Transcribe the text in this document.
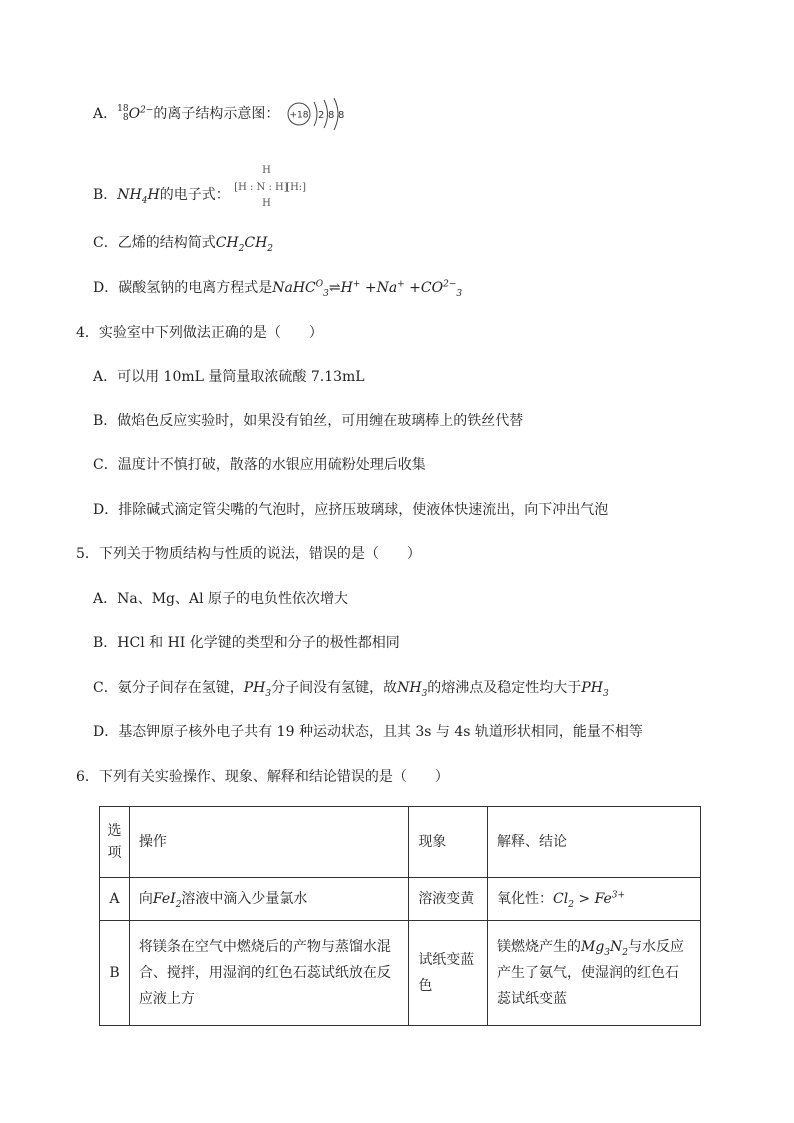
A．18
$8O^{2-}$的离子结构示意图： +18 2 8 8
B．$NH_4H$的电子式：
H
[H : N : H]
[H:]
H
C．乙烯的结构简式$CH_2CH_2$
D．碳酸氢钠的电离方程式是NaHC$^O_3$⇌H+ $+Na^+ +CO^{2-}_3$
4．实验室中下列做法正确的是（　　）
A．可以用 10mL 量筒量取浓硫酸 7.13mL
B．做焰色反应实验时，如果没有铂丝，可用缠在玻璃棒上的铁丝代替
C．温度计不慎打破，散落的水银应用硫粉处理后收集
D．排除碱式滴定管尖嘴的气泡时，应挤压玻璃球，使液体快速流出，向下冲出气泡
5．下列关于物质结构与性质的说法，错误的是（　　）
A．Na、Mg、Al 原子的电负性依次增大
B．HCl 和 HI 化学键的类型和分子的极性都相同
C．氨分子间存在氢键，$PH_3$分子间没有氢键，故$NH_3$的熔沸点及稳定性均大于$PH_3$
D．基态钾原子核外电子共有 19 种运动状态，且其 3s 与 4s 轨道形状相同，能量不相等
6．下列有关实验操作、现象、解释和结论错误的是（　　）
选项	操作	现象	解释、结论
A	向FeI$_2$溶液中滴入少量氯水	溶液变黄	氧化性：$Cl_2 > Fe^{3+}$
B	将镁条在空气中燃烧后的产物与蒸馏水混合、搅拌，用湿润的红色石蕊试纸放在反应液上方	试纸变蓝色	镁燃烧产生的$Mg_3N_2$与水反应产生了氨气，使湿润的红色石蕊试纸变蓝
